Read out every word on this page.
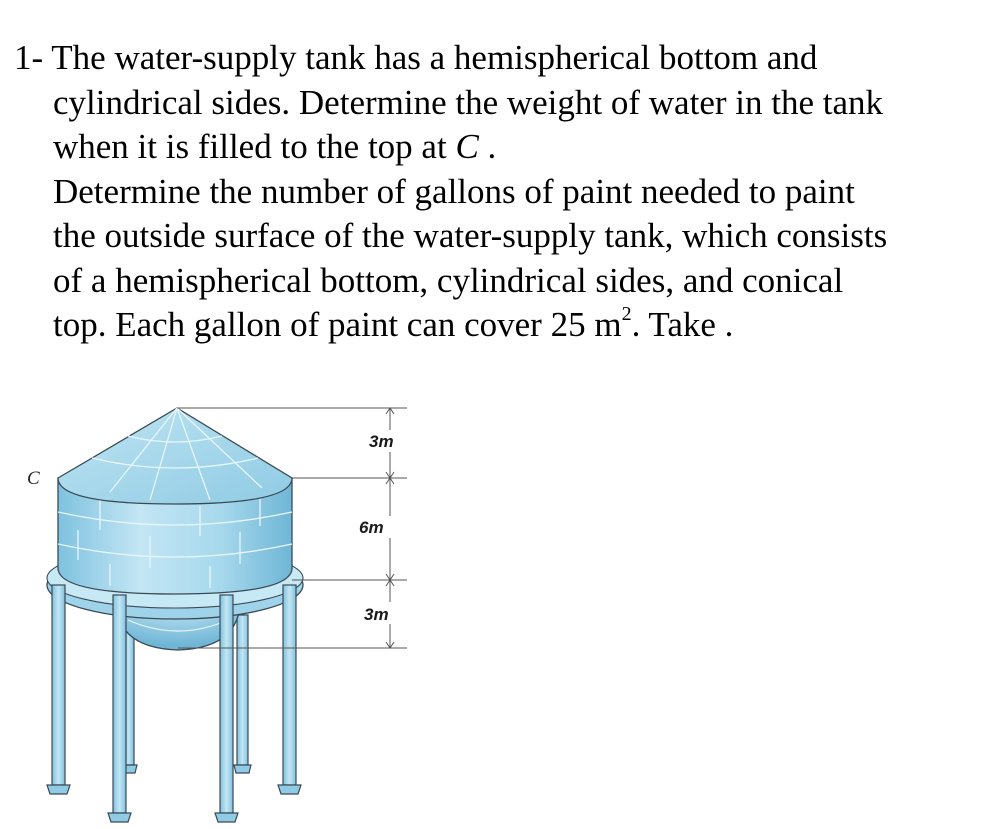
1- The water-supply tank has a hemispherical bottom and

cylindrical sides. Determine the weight of water in the tank

when it is filled to the top at C .

Determine the number of gallons of paint needed to paint

the outside surface of the water-supply tank, which consists

of a hemispherical bottom, cylindrical sides, and conical

top. Each gallon of paint can cover 25 $m^2$. Take .

3m
6m
3m
C
